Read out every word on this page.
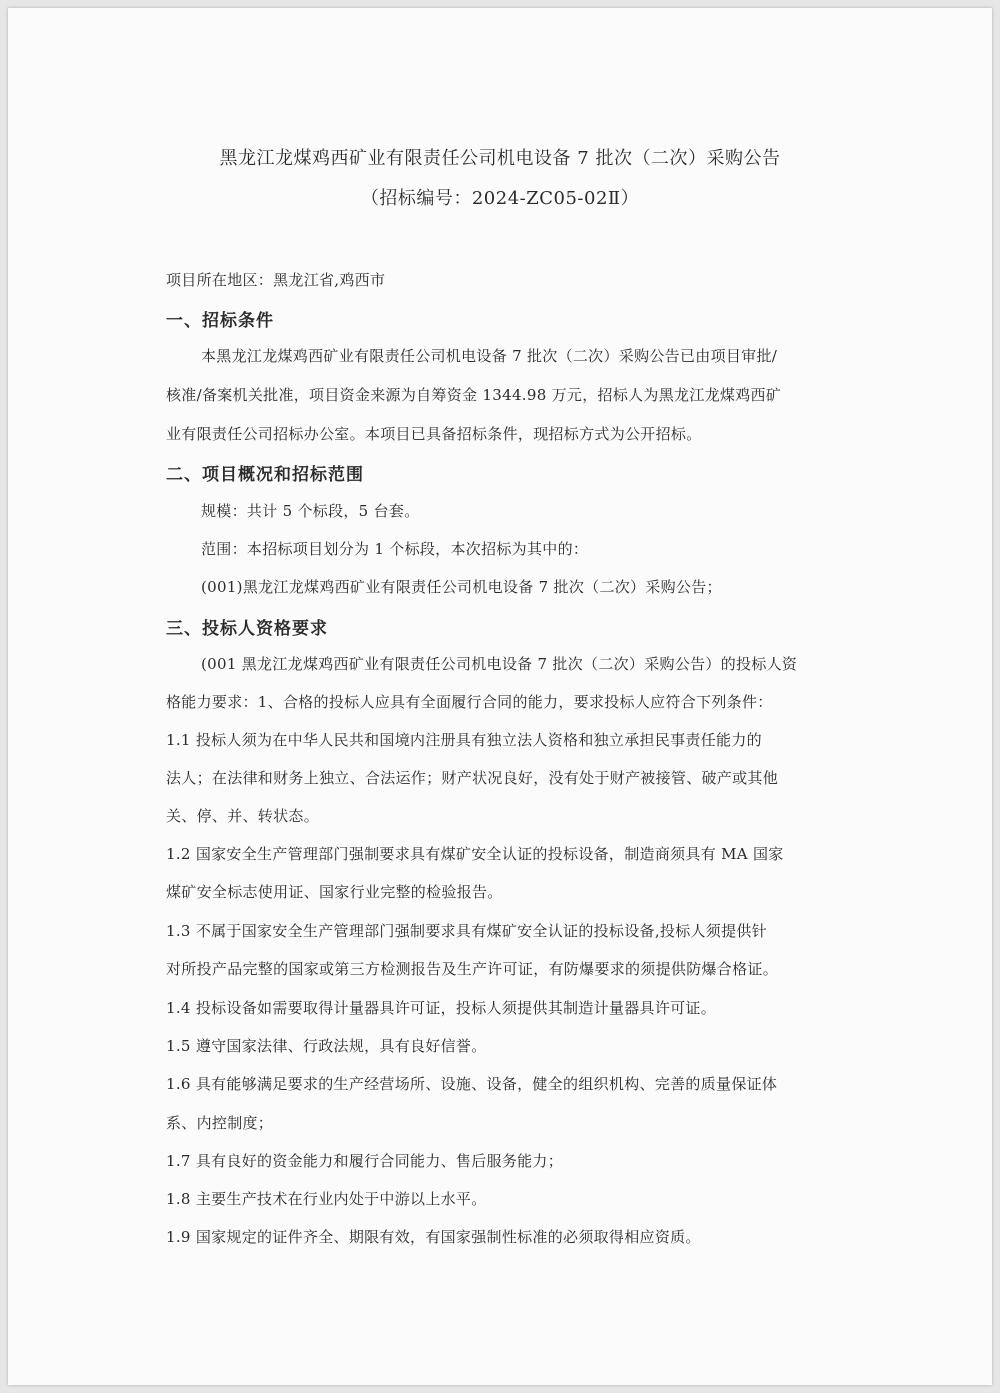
黑龙江龙煤鸡西矿业有限责任公司机电设备 7 批次（二次）采购公告
（招标编号：2024-ZC05-02Ⅱ）
项目所在地区：黑龙江省,鸡西市
一、招标条件
本黑龙江龙煤鸡西矿业有限责任公司机电设备 7 批次（二次）采购公告已由项目审批/
核准/备案机关批准，项目资金来源为自筹资金 1344.98 万元，招标人为黑龙江龙煤鸡西矿
业有限责任公司招标办公室。本项目已具备招标条件，现招标方式为公开招标。
二、项目概况和招标范围
规模：共计 5 个标段，5 台套。
范围：本招标项目划分为 1 个标段，本次招标为其中的：
(001)黑龙江龙煤鸡西矿业有限责任公司机电设备 7 批次（二次）采购公告；
三、投标人资格要求
(001 黑龙江龙煤鸡西矿业有限责任公司机电设备 7 批次（二次）采购公告）的投标人资
格能力要求：1、合格的投标人应具有全面履行合同的能力，要求投标人应符合下列条件：
1.1 投标人须为在中华人民共和国境内注册具有独立法人资格和独立承担民事责任能力的
法人；在法律和财务上独立、合法运作；财产状况良好，没有处于财产被接管、破产或其他
关、停、并、转状态。
1.2 国家安全生产管理部门强制要求具有煤矿安全认证的投标设备，制造商须具有 MA 国家
煤矿安全标志使用证、国家行业完整的检验报告。
1.3 不属于国家安全生产管理部门强制要求具有煤矿安全认证的投标设备,投标人须提供针
对所投产品完整的国家或第三方检测报告及生产许可证，有防爆要求的须提供防爆合格证。
1.4 投标设备如需要取得计量器具许可证，投标人须提供其制造计量器具许可证。
1.5 遵守国家法律、行政法规，具有良好信誉。
1.6 具有能够满足要求的生产经营场所、设施、设备，健全的组织机构、完善的质量保证体
系、内控制度；
1.7 具有良好的资金能力和履行合同能力、售后服务能力；
1.8 主要生产技术在行业内处于中游以上水平。
1.9 国家规定的证件齐全、期限有效，有国家强制性标准的必须取得相应资质。
